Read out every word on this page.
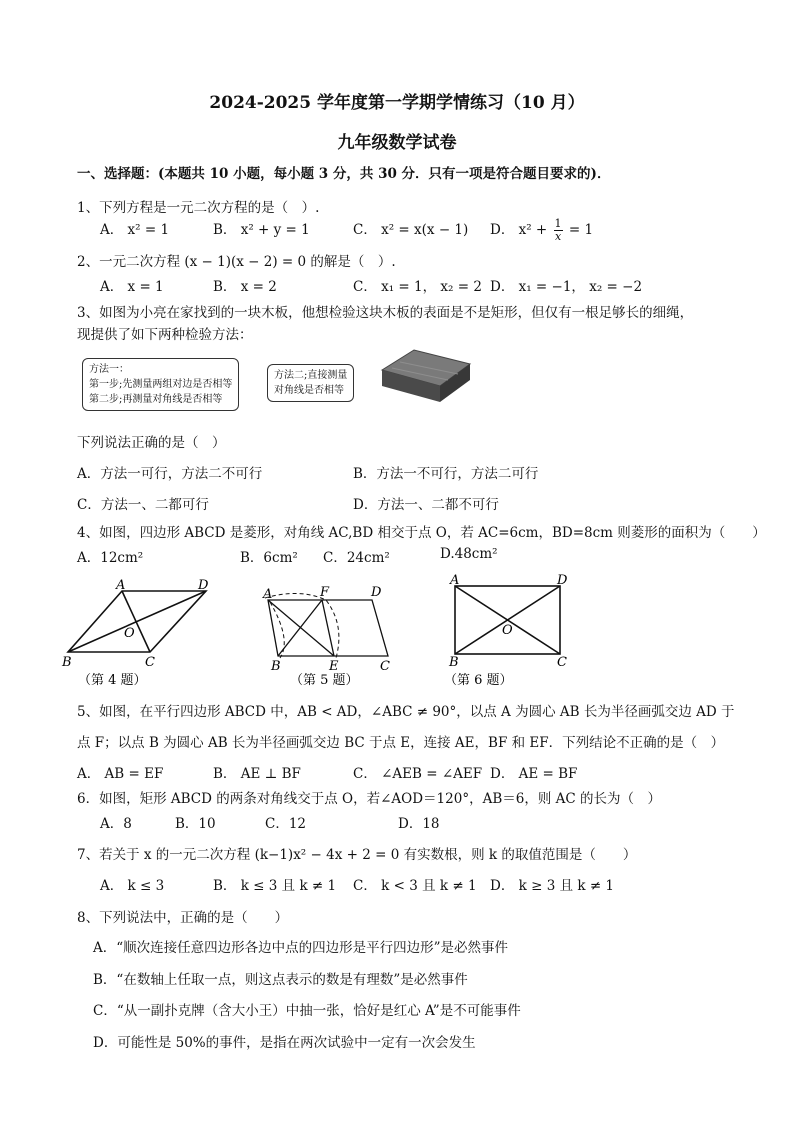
2024-2025 学年度第一学期学情练习（10 月）
九年级数学试卷
一、选择题：(本题共 10 小题，每小题 3 分，共 30 分．只有一项是符合题目要求的)．
1、下列方程是一元二次方程的是（　）.
A． x² = 1	B． x² + y = 1	C． x² = x(x − 1) D． $x^2 + \frac{1}{x} = 1$
2、一元二次方程 (x − 1)(x − 2) = 0 的解是（　）.
A． x = 1	B． x = 2	C． x₁ = 1， x₂ = 2 D． x₁ = −1， x₂ = −2
3、如图为小亮在家找到的一块木板，他想检验这块木板的表面是不是矩形，但仅有一根足够长的细绳，
现提供了如下两种检验方法：
方法一：
第一步;先测量两组对边是否相等
第二步;再测量对角线是否相等
方法二;直接测量
对角线是否相等
下列说法正确的是（　）
A．方法一可行，方法二不可行	B．方法一不可行，方法二可行
C．方法一、二都可行	D．方法一、二都不可行
4、如图，四边形 ABCD 是菱形，对角线 AC,BD 相交于点 O，若 AC=6cm，BD=8cm 则菱形的面积为（　　）
A．12cm²	B．6cm² C．24cm²	D.48cm²
A	D
B	C
O
（第 4 题）
A	F	D
B	E	C
（第 5 题）
A	D
B	C
O
（第 6 题）
5、如图，在平行四边形 ABCD 中，AB < AD，∠ABC ≠ 90°，以点 A 为圆心 AB 长为半径画弧交边 AD 于
点 F；以点 B 为圆心 AB 长为半径画弧交边 BC 于点 E，连接 AE，BF 和 EF．下列结论不正确的是（　）
A． AB = EF	B． AE ⊥ BF	C． ∠AEB = ∠AEF D． AE = BF
6．如图，矩形 ABCD 的两条对角线交于点 O，若∠AOD＝120°，AB＝6，则 AC 的长为（　）
A．8	B．10	C．12	D．18
7、若关于 x 的一元二次方程 (k−1)x² − 4x + 2 = 0 有实数根，则 k 的取值范围是（　　）
A． k ≤ 3	B． k ≤ 3 且 k ≠ 1 C． k < 3 且 k ≠ 1 D． k ≥ 3 且 k ≠ 1
8、下列说法中，正确的是（　　）
A．“顺次连接任意四边形各边中点的四边形是平行四边形”是必然事件
B．“在数轴上任取一点，则这点表示的数是有理数”是必然事件
C．“从一副扑克牌（含大小王）中抽一张，恰好是红心 A”是不可能事件
D．可能性是 50%的事件，是指在两次试验中一定有一次会发生
